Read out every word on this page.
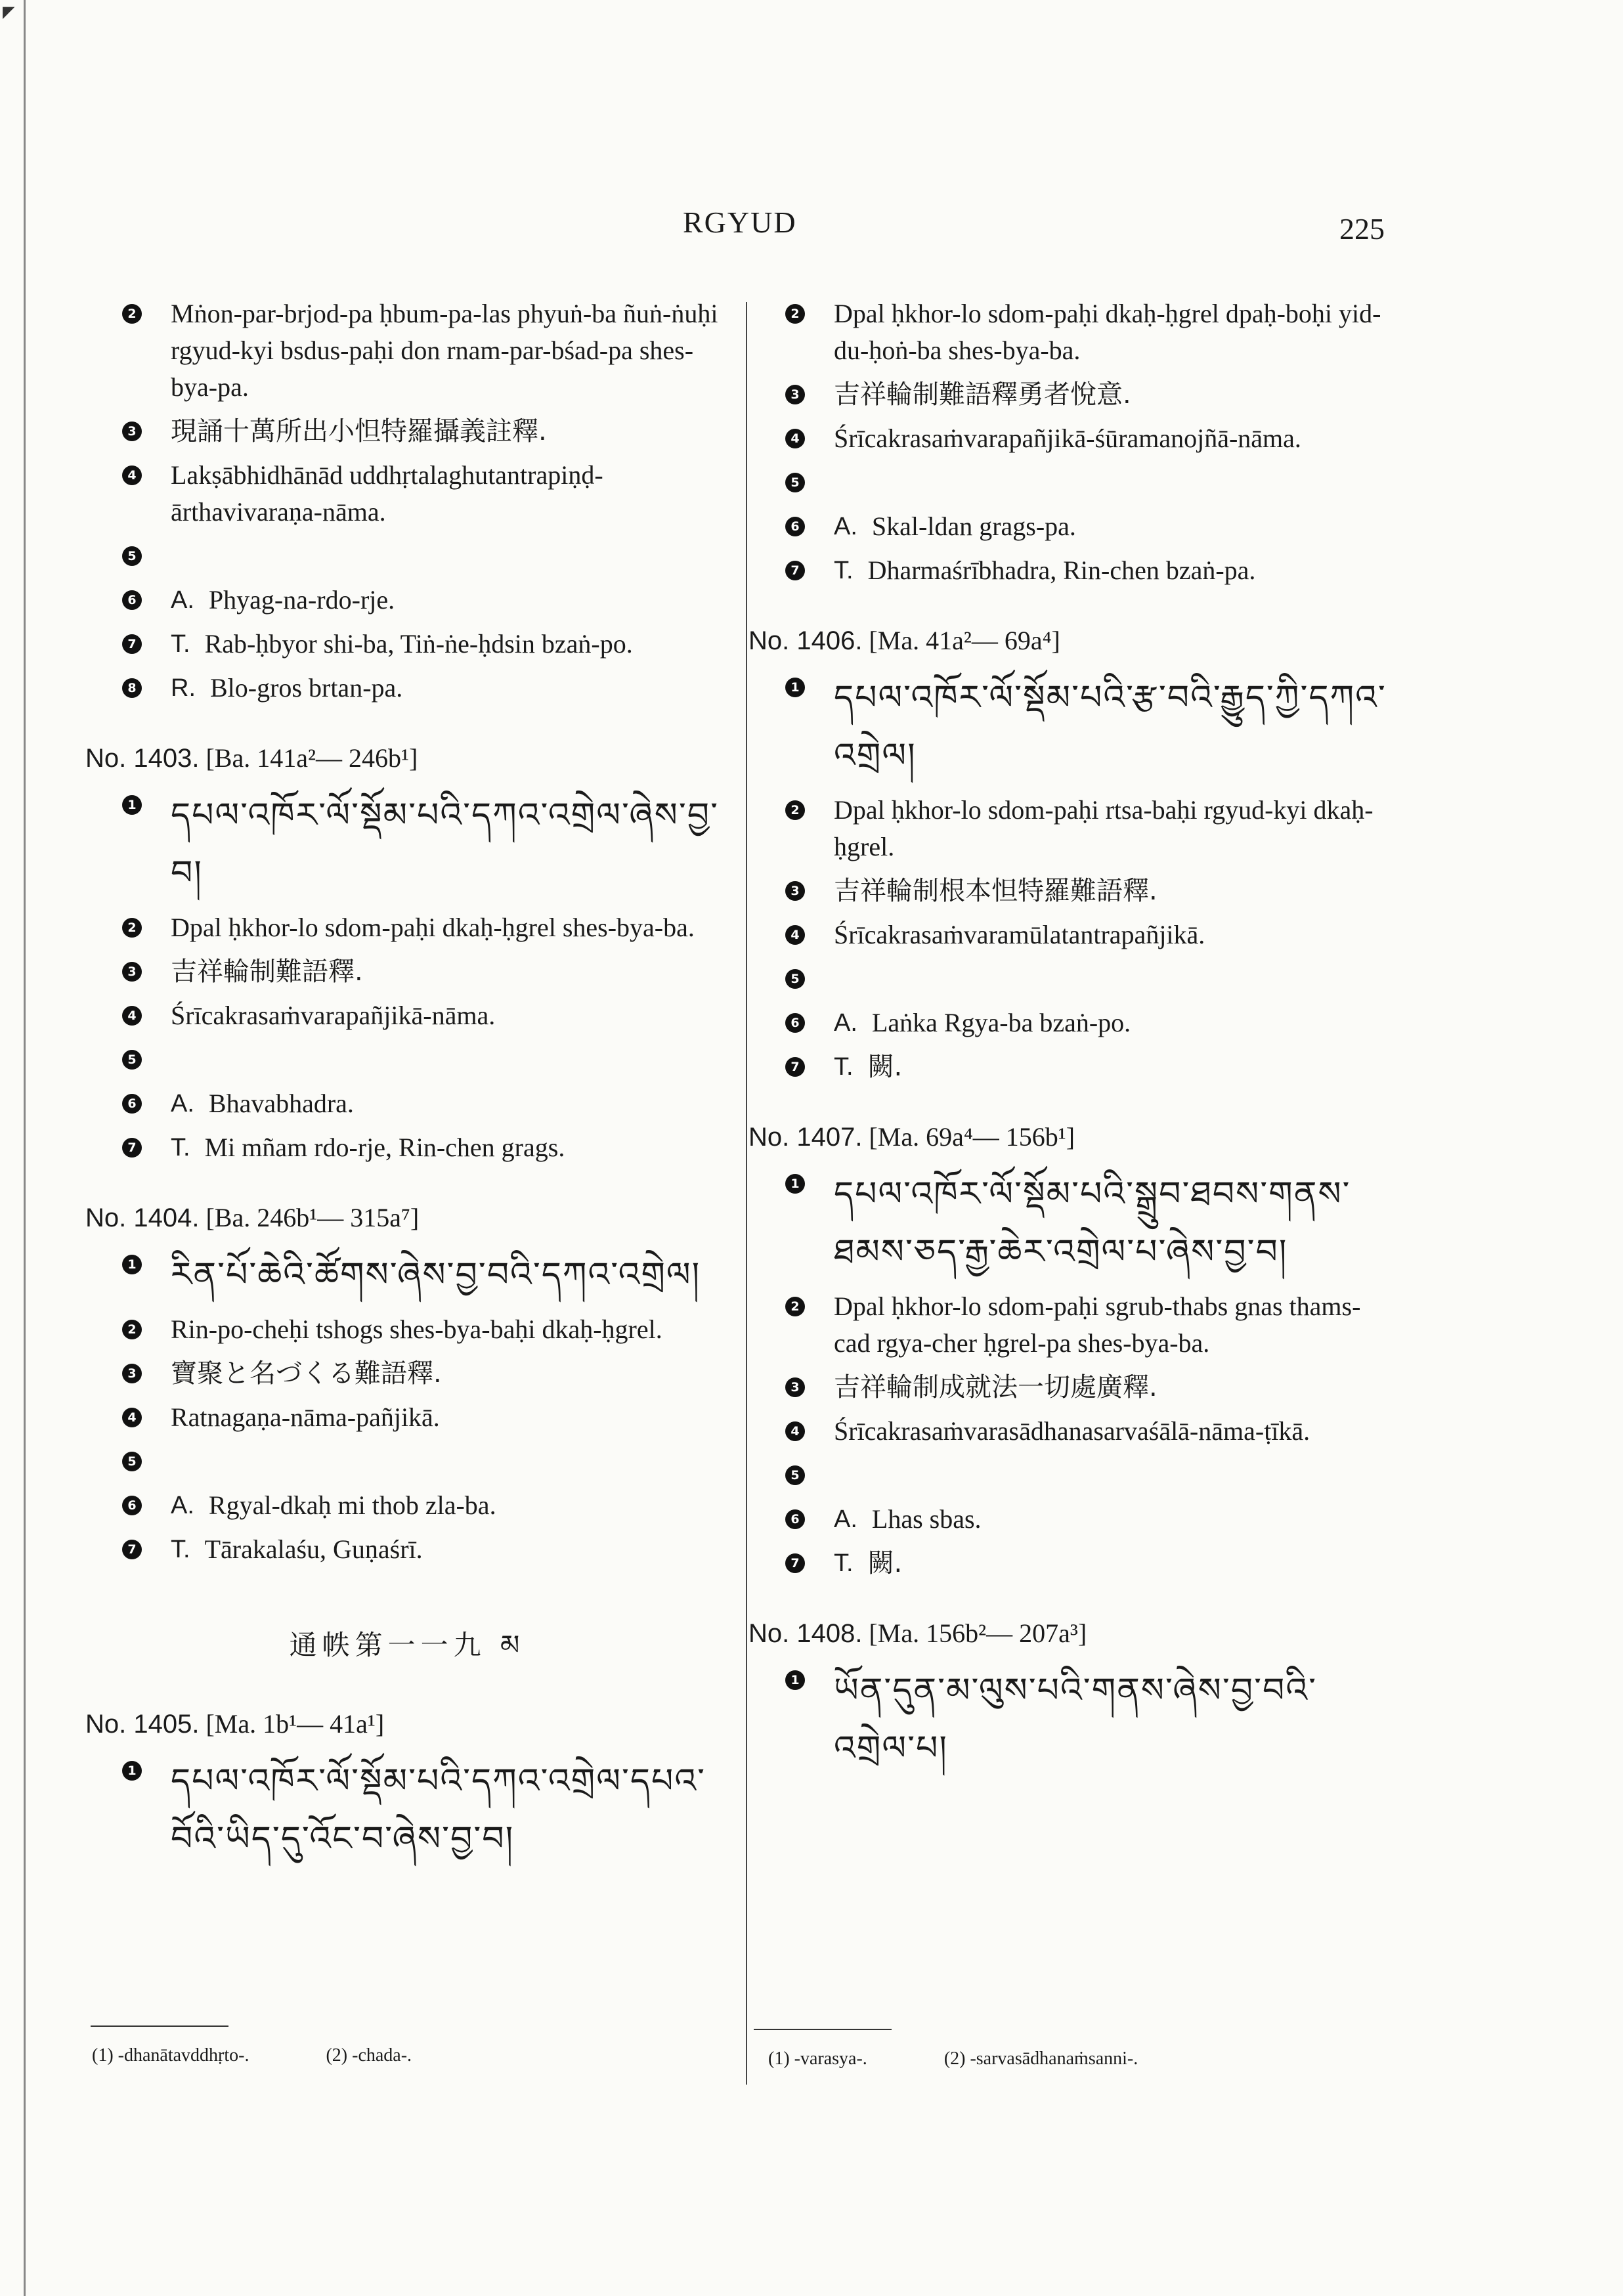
◤
RGYUD	225
2 Mṅon-par-brjod-pa ḥbum-pa-las phyuṅ-ba ñuṅ-ṅuḥi rgyud-kyi bsdus-paḥi don rnam-par-bśad-pa shes-bya-pa.
3 現誦十萬所出小怛特羅攝義註釋.
4 Lakṣābhidhānād uddhṛtalaghutantrapiṇḍ-ārthavivaraṇa-nāma.
5
6 A. Phyag-na-rdo-rje.
7 T. Rab-ḥbyor shi-ba, Tiṅ-ṅe-ḥdsin bzaṅ-po.
8 R. Blo-gros brtan-pa.
No. 1403. [Ba. 141a²— 246b¹]
1 དཔལ་འཁོར་ལོ་སྡོམ་པའི་དཀའ་འགྲེལ་ཞེས་བྱ་བ།
2 Dpal ḥkhor-lo sdom-paḥi dkaḥ-ḥgrel shes-bya-ba.
3 吉祥輪制難語釋.
4 Śrīcakrasaṁvarapañjikā-nāma.
5
6 A. Bhavabhadra.
7 T. Mi mñam rdo-rje, Rin-chen grags.
No. 1404. [Ba. 246b¹— 315a⁷]
1 རིན་པོ་ཆེའི་ཚོགས་ཞེས་བྱ་བའི་དཀའ་འགྲེལ།
2 Rin-po-cheḥi tshogs shes-bya-baḥi dkaḥ-ḥgrel.
3 寶聚と名づくる難語釋.
4 Ratnagaṇa-nāma-pañjikā.
5
6 A. Rgyal-dkaḥ mi thob zla-ba.
7 T. Tārakalaśu, Guṇaśrī.
通帙第一一九 མ
No. 1405. [Ma. 1b¹— 41a¹]
1 དཔལ་འཁོར་ལོ་སྡོམ་པའི་དཀའ་འགྲེལ་དཔའ་བོའི་ཡིད་དུ་འོང་བ་ཞེས་བྱ་བ།
(1) -dhanātavddhṛto-.	(2) -chada-.
2 Dpal ḥkhor-lo sdom-paḥi dkaḥ-ḥgrel dpaḥ-boḥi yid-du-ḥoṅ-ba shes-bya-ba.
3 吉祥輪制難語釋勇者悅意.
4 Śrīcakrasaṁvarapañjikā-śūramanojñā-nāma.
5
6 A. Skal-ldan grags-pa.
7 T. Dharmaśrībhadra, Rin-chen bzaṅ-pa.
No. 1406. [Ma. 41a²— 69a⁴]
1 དཔལ་འཁོར་ལོ་སྡོམ་པའི་རྩ་བའི་རྒྱུད་ཀྱི་དཀའ་འགྲེལ།
2 Dpal ḥkhor-lo sdom-paḥi rtsa-baḥi rgyud-kyi dkaḥ-ḥgrel.
3 吉祥輪制根本怛特羅難語釋.
4 Śrīcakrasaṁvaramūlatantrapañjikā.
5
6 A. Laṅka Rgya-ba bzaṅ-po.
7 T. 闕.
No. 1407. [Ma. 69a⁴— 156b¹]
1 དཔལ་འཁོར་ལོ་སྡོམ་པའི་སྒྲུབ་ཐབས་གནས་ཐམས་ཅད་རྒྱ་ཆེར་འགྲེལ་པ་ཞེས་བྱ་བ།
2 Dpal ḥkhor-lo sdom-paḥi sgrub-thabs gnas thams-cad rgya-cher ḥgrel-pa shes-bya-ba.
3 吉祥輪制成就法一切處廣釋.
4 Śrīcakrasaṁvarasādhanasarvaśālā-nāma-ṭīkā.
5
6 A. Lhas sbas.
7 T. 闕.
No. 1408. [Ma. 156b²— 207a³]
1 ཡོན་དུན་མ་ལུས་པའི་གནས་ཞེས་བྱ་བའི་འགྲེལ་པ།
(1) -varasya-.	(2) -sarvasādhanaṁsanni-.
